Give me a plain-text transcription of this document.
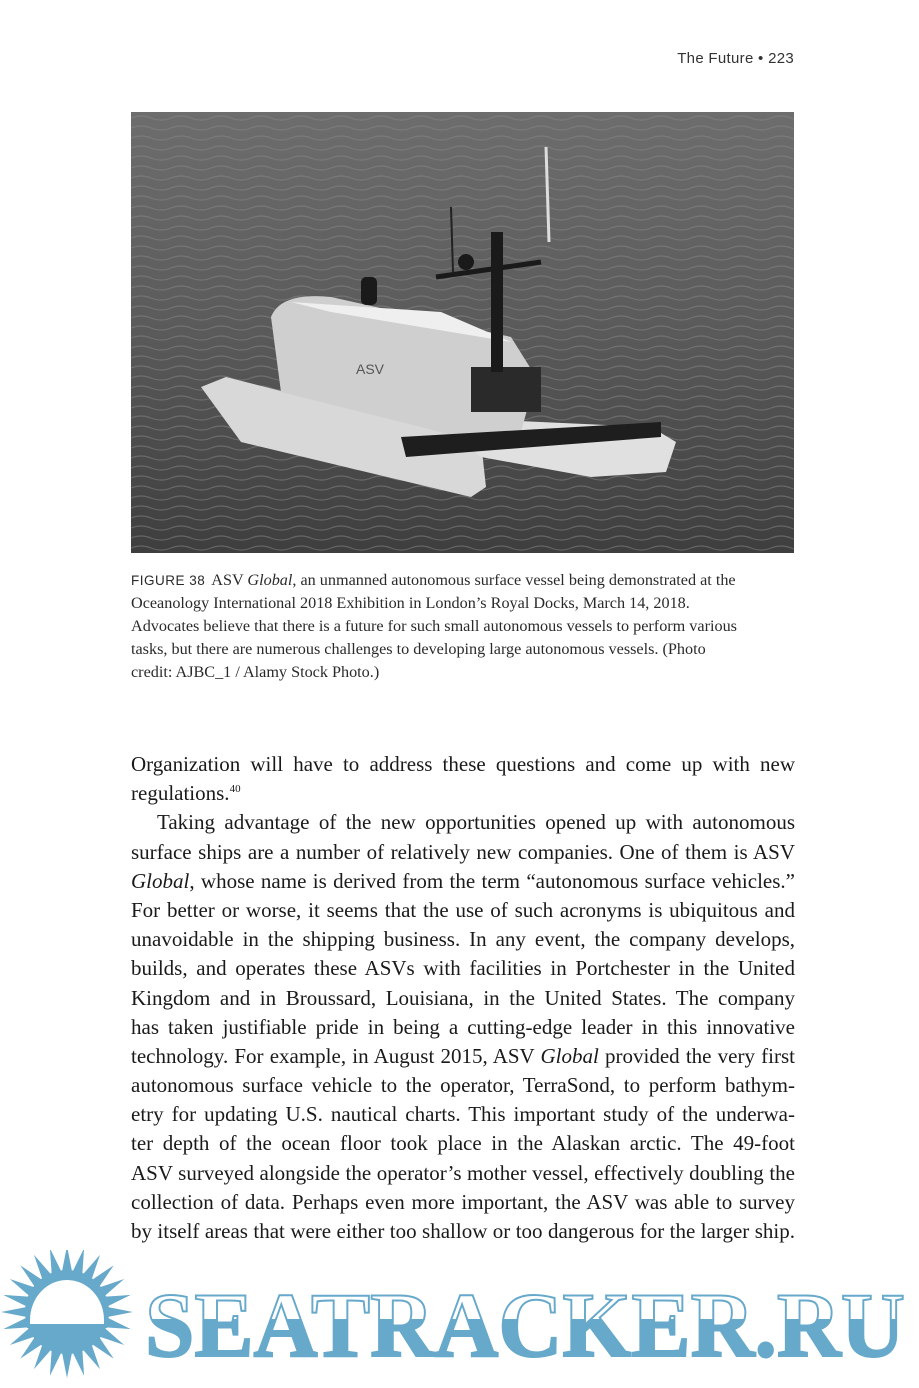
The Future • 223
ASV
FIGURE 38 ASV Global, an unmanned autonomous surface vessel being demonstrated at the
Oceanology International 2018 Exhibition in London’s Royal Docks, March 14, 2018.
Advocates believe that there is a future for such small autonomous vessels to perform various
tasks, but there are numerous challenges to developing large autonomous vessels. (Photo
credit: AJBC_1 / Alamy Stock Photo.)
Organization will have to address these questions and come up with new
regulations.$^{40}$
Taking advantage of the new opportunities opened up with autonomous
surface ships are a number of relatively new companies. One of them is ASV
Global, whose name is derived from the term “autonomous surface vehicles.”
For better or worse, it seems that the use of such acronyms is ubiquitous and
unavoidable in the shipping business. In any event, the company develops,
builds, and operates these ASVs with facilities in Portchester in the United
Kingdom and in Broussard, Louisiana, in the United States. The company
has taken justifiable pride in being a cutting-edge leader in this innovative
technology. For example, in August 2015, ASV Global provided the very first
autonomous surface vehicle to the operator, TerraSond, to perform bathym-
etry for updating U.S. nautical charts. This important study of the underwa-
ter depth of the ocean floor took place in the Alaskan arctic. The 49-foot
ASV surveyed alongside the operator’s mother vessel, effectively doubling the
collection of data. Perhaps even more important, the ASV was able to survey
by itself areas that were either too shallow or too dangerous for the larger ship.
SEATRACKER.RU
